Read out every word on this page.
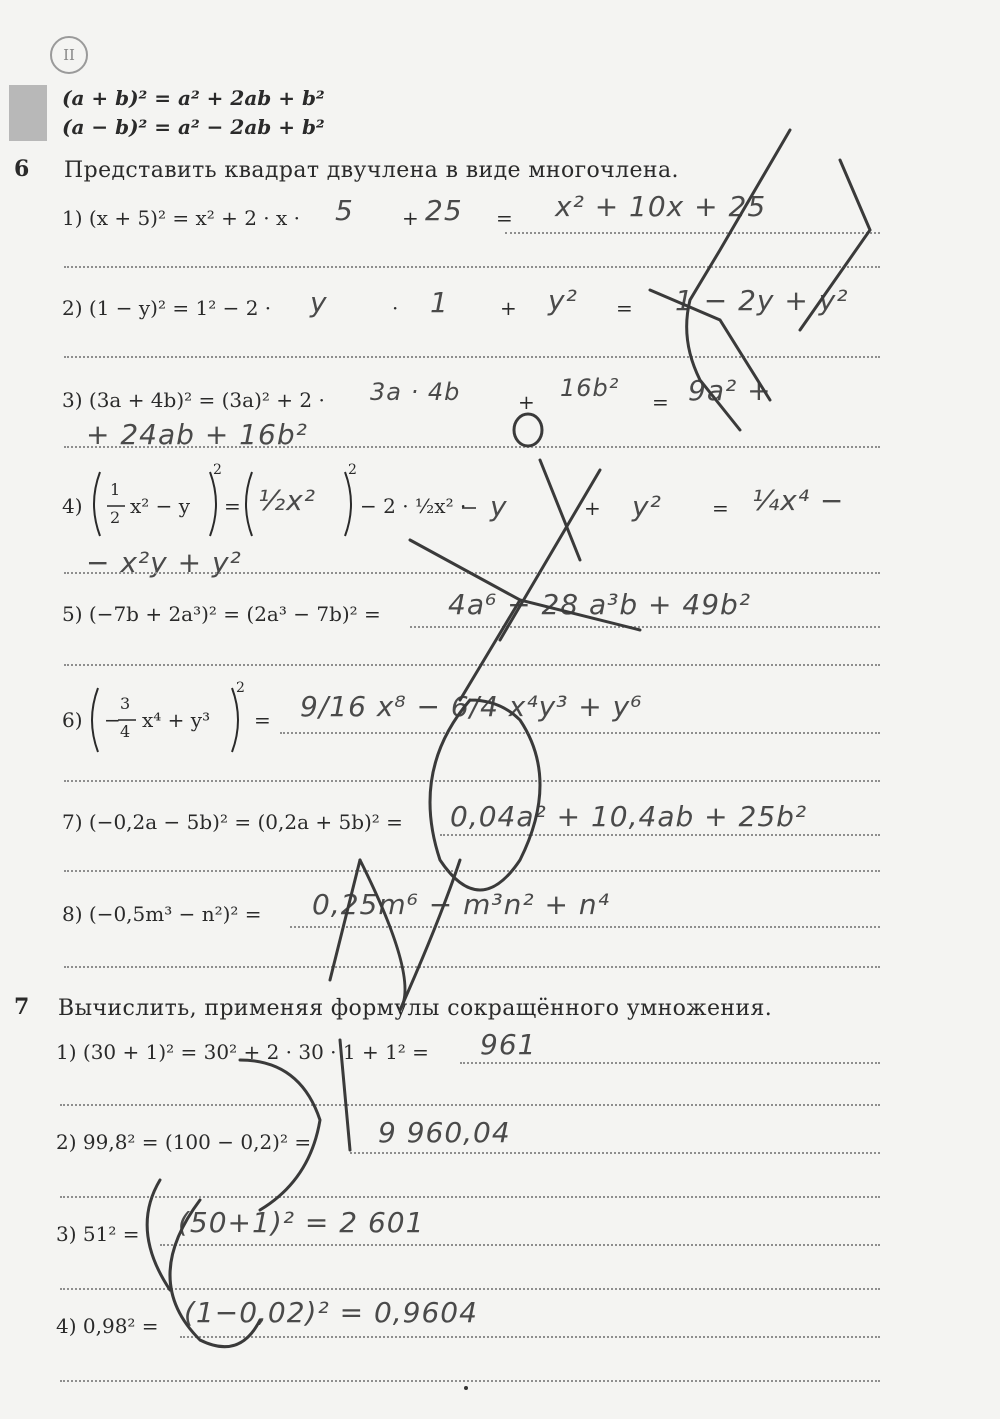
II
(a + b)² = a² + 2ab + b²
(a − b)² = a² − 2ab + b²
6 Представить квадрат двучлена в виде многочлена.
1) (x + 5)² = x² + 2 · x · 5 + 25 = x² + 10x + 25
2) (1 − y)² = 1² − 2 · y	· 1	+ y² = 1 − 2y + y²
3) (3a + 4b)² = (3a)² + 2 · 3a · 4b	+ 16b² = 9a² +
+ 24ab + 16b²
4)
1
2 x² − y
2
= ½x²
2
− 2 · ½x² · y	+ y²	= ¼x⁴ −
− x²y + y²
5) (−7b + 2a³)² = (2a³ − 7b)² = 4a⁶ − 28 a³b + 49b²
6) −
3
4 x⁴ + y³
2
= 9/16 x⁸ − 6/4 x⁴y³ + y⁶
7) (−0,2a − 5b)² = (0,2a + 5b)² = 0,04a² + 10,4ab + 25b²
8) (−0,5m³ − n²)² = 0,25m⁶ − m³n² + n⁴
7 Вычислить, применяя формулы сокращённого умножения.
1) (30 + 1)² = 30² + 2 · 30 · 1 + 1² = 961
2) 99,8² = (100 − 0,2)² = 9 960,04
3) 51² = (50+1)² = 2 601
4) 0,98² = (1−0,02)² = 0,9604
